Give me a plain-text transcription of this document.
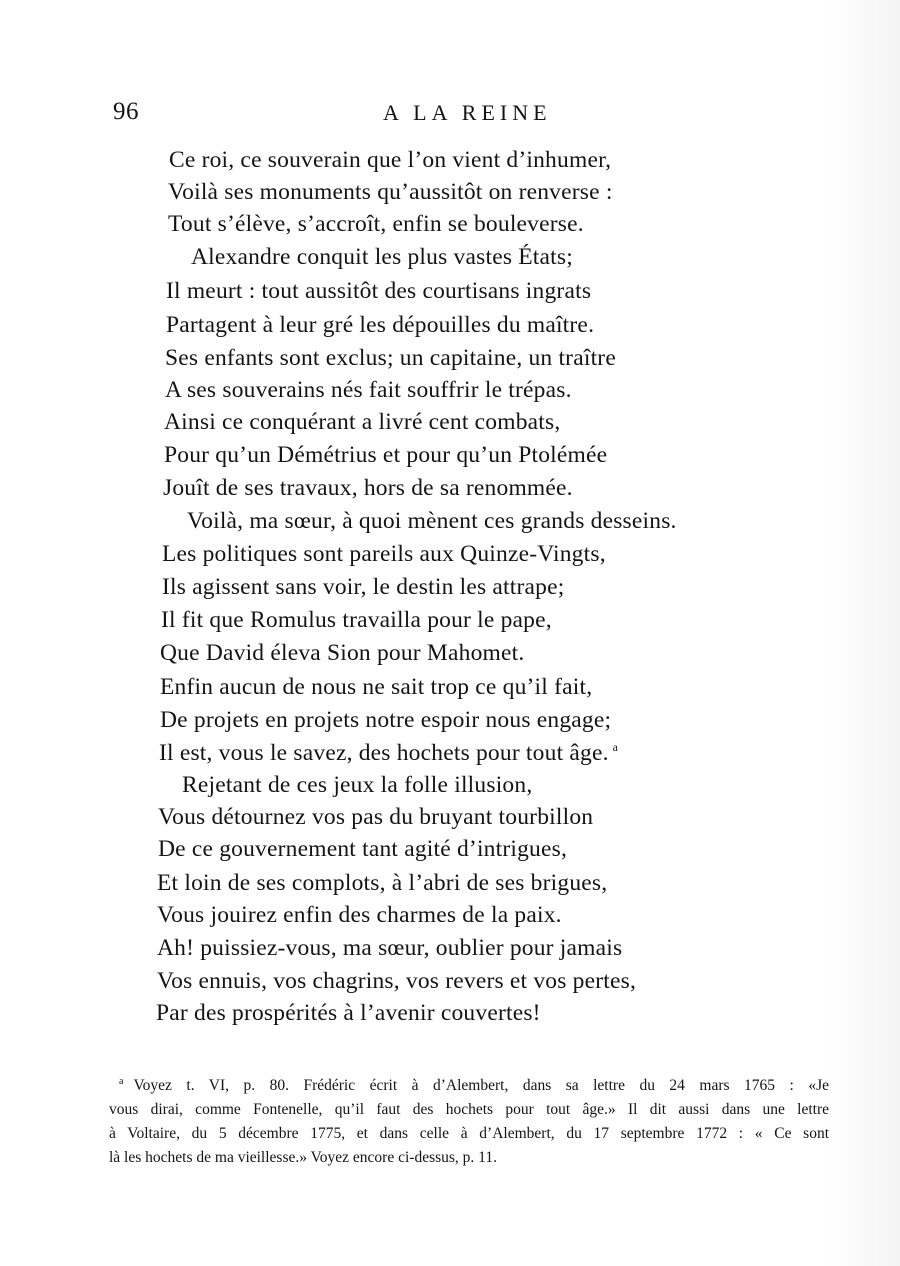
96	A LA REINE
Ce roi, ce souverain que l’on vient d’inhumer,
Voilà ses monuments qu’aussitôt on renverse :
Tout s’élève, s’accroît, enfin se bouleverse.
Alexandre conquit les plus vastes États;
Il meurt : tout aussitôt des courtisans ingrats
Partagent à leur gré les dépouilles du maître.
Ses enfants sont exclus; un capitaine, un traître
A ses souverains nés fait souffrir le trépas.
Ainsi ce conquérant a livré cent combats,
Pour qu’un Démétrius et pour qu’un Ptolémée
Jouît de ses travaux, hors de sa renommée.
Voilà, ma sœur, à quoi mènent ces grands desseins.
Les politiques sont pareils aux Quinze-Vingts,
Ils agissent sans voir, le destin les attrape;
Il fit que Romulus travailla pour le pape,
Que David éleva Sion pour Mahomet.
Enfin aucun de nous ne sait trop ce qu’il fait,
De projets en projets notre espoir nous engage;
Il est, vous le savez, des hochets pour tout âge. $^a$
Rejetant de ces jeux la folle illusion,
Vous détournez vos pas du bruyant tourbillon
De ce gouvernement tant agité d’intrigues,
Et loin de ses complots, à l’abri de ses brigues,
Vous jouirez enfin des charmes de la paix.
Ah! puissiez-vous, ma sœur, oublier pour jamais
Vos ennuis, vos chagrins, vos revers et vos pertes,
Par des prospérités à l’avenir couvertes!
$^a$ Voyez t. VI, p. 80. Frédéric écrit à d’Alembert, dans sa lettre du 24 mars 1765 : «Je
vous dirai, comme Fontenelle, qu’il faut des hochets pour tout âge.» Il dit aussi dans une lettre
à Voltaire, du 5 décembre 1775, et dans celle à d’Alembert, du 17 septembre 1772 : « Ce sont
là les hochets de ma vieillesse.» Voyez encore ci-dessus, p. 11.
